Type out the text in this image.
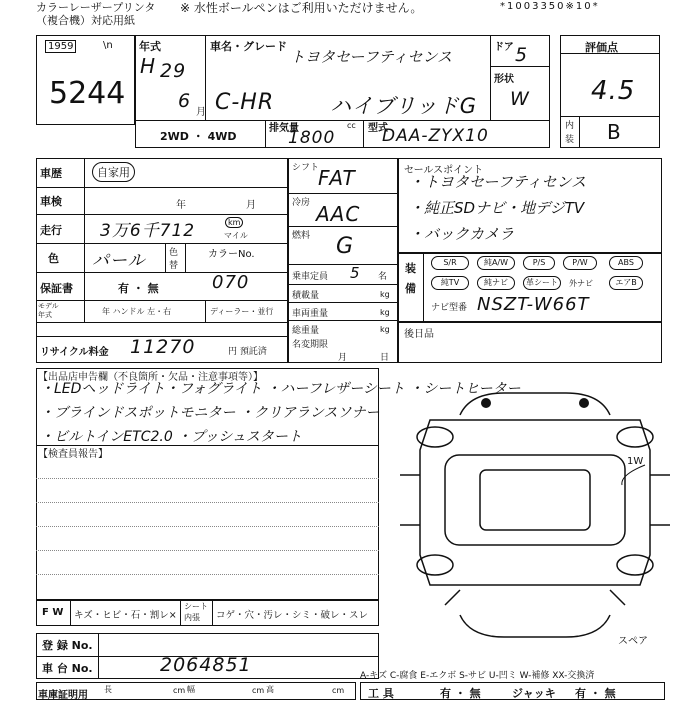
カラーレーザープリンタ
（複合機）対応用紙
※ 水性ボールペンはご利用いただけません。	*1003350※10*
1959	\n
5244
年式
H 29
6
月
車名・グレード
トヨタセーフティセンス
C-HR	ハイブリッドG
ドア 5
形状
W
2WD ・ 4WD
排気量
1800
cc 型式
DAA-ZYX10
評価点
4.5
内
装 B
車歴	自家用
車検	年	月
走行 3万6千712	km
マイル
色 パール	色
替
カラーNo.
070
保証書	有 ・ 無
モデル
年式	年 ハンドル 左・右	ディーラー・並行
リサイクル料金 11270	円 預託済
シフト
FAT
冷房 AAC
燃料 G
乗車定員 5 名
積載量	kg
車両重量	kg
総重量	kg
名変期限
月	日
セールスポイント
・トヨタセーフティセンス
・純正SDナビ・地デジTV
・バックカメラ
装
備
S/R	純A/W	P/S	P/W	ABS
純TV	純ナビ	革シート	外ナビ	エアB
ナビ型番 NSZT-W66T
後日品
【出品店申告欄（不良箇所・欠品・注意事項等）】
・LEDヘッドライト・フォグライト ・ハーフレザーシート ・シートヒーター
・ブラインドスポットモニター ・クリアランスソナー
・ビルトインETC2.0 ・プッシュスタート
【検査員報告】
1W
スペア
F W キズ・ヒビ・石・割レ×
シート
内張 コゲ・穴・汚レ・シミ・破レ・スレ
登 録 No.
車 台 No.	2064851
車庫証明用
長	cm 幅	cm 高	cm
A-キズ C-腐食 E-エクボ S-サビ U-凹ミ W-補修 XX-交換済
工 具	有 ・ 無	ジャッキ 有 ・ 無
